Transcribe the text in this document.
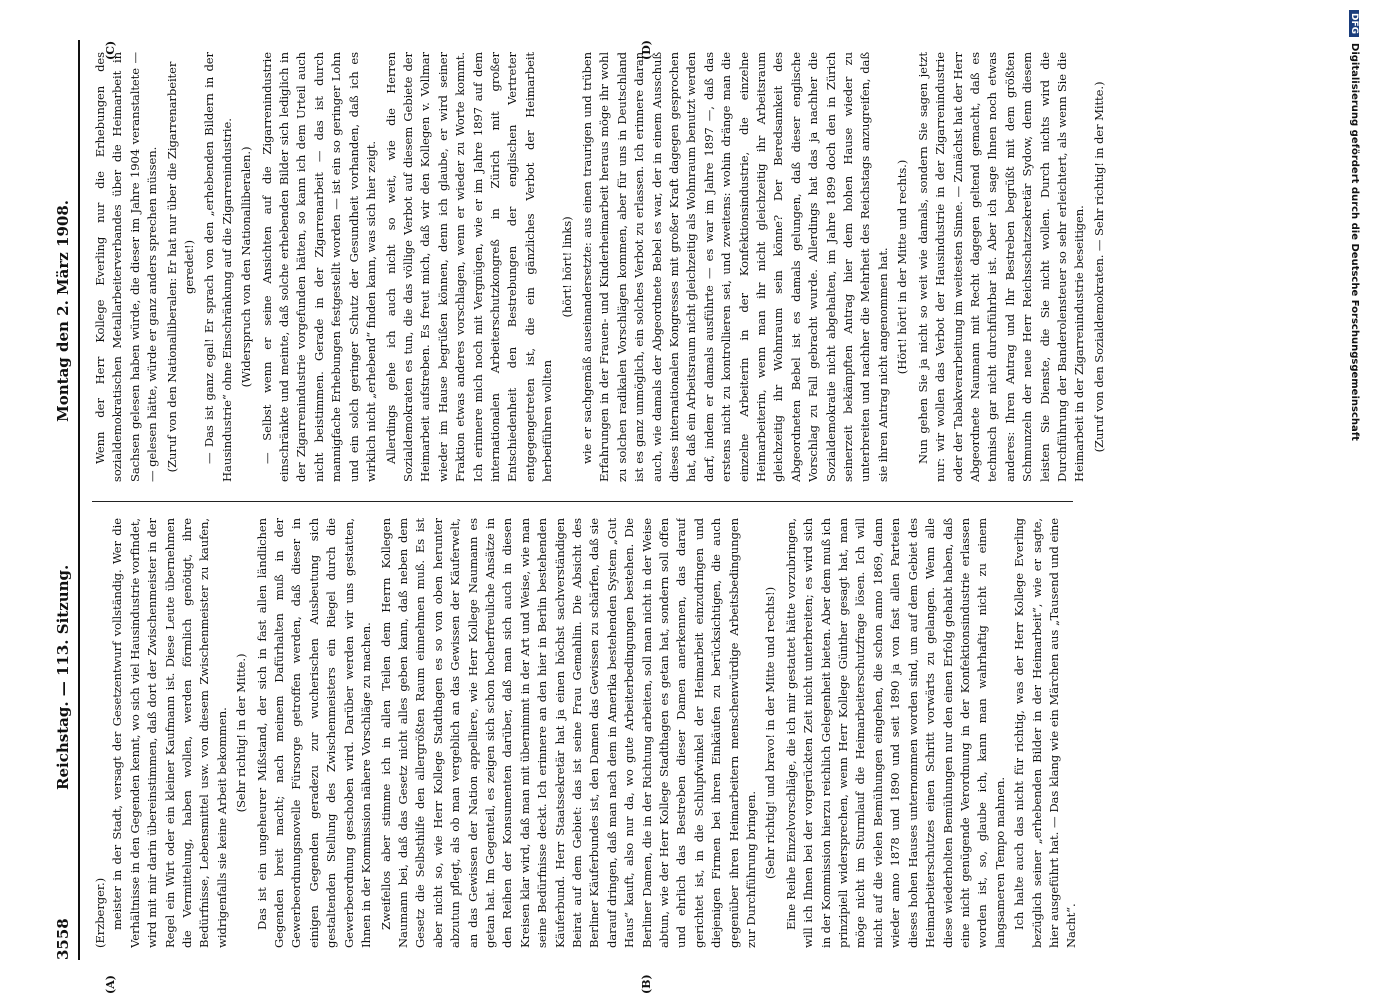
3558
Reichstag. — 113. Sitzung.
Montag den 2. März 1908.
(A)	(B)
(C)	(D)
(Erzberger.) meister in der Stadt, versagt der Gesetzentwurf vollständig. Wer die Verhältnisse in den Gegenden kennt, wo sich viel Hausindustrie vorfindet, wird mit mir darin übereinstimmen, daß dort der Zwischenmeister in der Regel ein Wirt oder ein kleiner Kaufmann ist. Diese Leute übernehmen die Vermittelung, haben wollen, werden förmlich genötigt, ihre Bedürfnisse, Lebensmittel usw. von diesem Zwischenmeister zu kaufen, widrigenfalls sie keine Arbeit bekommen. (Sehr richtig! in der Mitte.) Das ist ein ungeheurer Mißstand, der sich in fast allen ländlichen Gegenden breit macht; nach meinem Dafürhalten muß in der Gewerbeordnungsnovelle Fürsorge getroffen werden, daß dieser in einigen Gegenden geradezu zur wucherischen Ausbeutung sich gestaltenden Stellung des Zwischenmeisters ein Riegel durch die Gewerbeordnung geschoben wird. Darüber werden wir uns gestatten, Ihnen in der Kommission nähere Vorschläge zu machen. Zweifellos aber stimme ich in allen Teilen dem Herrn Kollegen Naumann bei, daß das Gesetz nicht alles geben kann, daß neben dem Gesetz die Selbsthilfe den allergrößten Raum einnehmen muß. Es ist aber nicht so, wie Herr Kollege Stadthagen es so von oben herunter abzutun pflegt, als ob man vergeblich an das Gewissen der Käuferwelt, an das Gewissen der Nation appelliere, wie Herr Kollege Naumann es getan hat. Im Gegenteil, es zeigen sich schon hocherfreuliche Ansätze in den Reihen der Konsumenten darüber, daß man sich auch in diesen Kreisen klar wird, daß man mit übernimmt in der Art und Weise, wie man seine Bedürfnisse deckt. Ich erinnere an den hier in Berlin bestehenden Käuferbund. Herr Staatssekretär hat ja einen höchst sachverständigen Beirat auf dem Gebiet: das ist seine Frau Gemahlin. Die Absicht des Berliner Käuferbundes ist, den Damen das Gewissen zu schärfen, daß sie darauf dringen, daß man nach dem in Amerika bestehenden System „Gut Haus“ kauft, also nur da, wo gute Arbeiterbedingungen bestehen. Die Berliner Damen, die in der Richtung arbeiten, soll man nicht in der Weise abtun, wie der Herr Kollege Stadthagen es getan hat, sondern soll offen und ehrlich das Bestreben dieser Damen anerkennen, das darauf gerichtet ist, in die Schlupfwinkel der Heimarbeit einzudringen und diejenigen Firmen bei ihren Einkäufen zu berücksichtigen, die auch gegenüber ihren Heimarbeitern menschenwürdige Arbeitsbedingungen zur Durchführung bringen. (Sehr richtig! und bravo! in der Mitte und rechts!) Eine Reihe Einzelvorschläge, die ich mir gestattet hätte vorzubringen, will ich Ihnen bei der vorgerückten Zeit nicht unterbreiten; es wird sich in der Kommission hierzu reichlich Gelegenheit bieten. Aber dem muß ich prinzipiell widersprechen, wenn Herr Kollege Günther gesagt hat, man möge nicht im Sturmlauf die Heimarbeiterschutzfrage lösen. Ich will nicht auf die vielen Bemühungen eingehen, die schon anno 1869, dann wieder anno 1878 und 1890 und seit 1890 ja von fast allen Parteien dieses hohen Hauses unternommen worden sind, um auf dem Gebiet des Heimarbeiterschutzes einen Schritt vorwärts zu gelangen. Wenn alle diese wiederholten Bemühungen nur den einen Erfolg gehabt haben, daß eine nicht genügende Verordnung in der Konfektionsindustrie erlassen worden ist, so, glaube ich, kann man wahrhaftig nicht zu einem langsameren Tempo mahnen. Ich halte auch das nicht für richtig, was der Herr Kollege Everling bezüglich seiner „erhebenden Bilder in der Heimarbeit“, wie er sagte, hier ausgeführt hat. — Das klang wie ein Märchen aus „Tausend und eine Nacht“.

Wenn der Herr Kollege Everling nur die Erhebungen des sozialdemokratischen Metallarbeiterverbandes über die Heimarbeit in Sachsen gelesen haben würde, die dieser im Jahre 1904 veranstaltete — — gelesen hätte, würde er ganz anders sprechen müssen. (Zuruf von den Nationalliberalen: Er hat nur über die Zigarrenarbeiter geredet!) — Das ist ganz egal! Er sprach von den „erhebenden Bildern in der Hausindustrie“ ohne Einschränkung auf die Zigarrenindustrie. (Widerspruch von den Nationalliberalen.) — Selbst wenn er seine Ansichten auf die Zigarrenindustrie einschränkte und meinte, daß solche erhebenden Bilder sich lediglich in der Zigarrenindustrie vorgefunden hätten, so kann ich dem Urteil auch nicht beistimmen. Gerade in der Zigarrenarbeit — das ist durch mannigfache Erhebungen festgestellt worden — ist ein so geringer Lohn und ein solch geringer Schutz der Gesundheit vorhanden, daß ich es wirklich nicht „erhebend“ finden kann, was sich hier zeigt. Allerdings gehe ich auch nicht so weit, wie die Herren Sozialdemokraten es tun, die das völlige Verbot auf diesem Gebiete der Heimarbeit aufstreben. Es freut mich, daß wir den Kollegen v. Vollmar wieder im Hause begrüßen können, denn ich glaube, er wird seiner Fraktion etwas anderes vorschlagen, wenn er wieder zu Worte kommt. Ich erinnere mich noch mit Vergnügen, wie er im Jahre 1897 auf dem internationalen Arbeiterschutzkongreß in Zürich mit großer Entschiedenheit den Bestrebungen der englischen Vertreter entgegengetreten ist, die ein gänzliches Verbot der Heimarbeit herbeiführen wollten

(hört! hört! links) wie er sachgemäß auseinandersetzte: aus einen traurigen und trüben Erfahrungen in der Frauen- und Kinderheimarbeit heraus möge ihr wohl zu solchen radikalen Vorschlägen kommen, aber für uns in Deutschland ist es ganz unmöglich, ein solches Verbot zu erlassen. Ich erinnere daran auch, wie damals der Abgeordnete Bebel es war, der in einem Ausschuß dieses internationalen Kongresses mit großer Kraft dagegen gesprochen hat, daß ein Arbeitsraum nicht gleichzeitig als Wohnraum benutzt werden darf, indem er damals ausführte — es war im Jahre 1897 —, daß das erstens nicht zu kontrollieren sei, und zweitens: wohin dränge man die einzelne Arbeiterin in der Konfektionsindustrie, die einzelne Heimarbeiterin, wenn man ihr nicht gleichzeitig ihr Arbeitsraum gleichzeitig ihr Wohnraum sein könne? Der Beredsamkeit des Abgeordneten Bebel ist es damals gelungen, daß dieser englische Vorschlag zu Fall gebracht wurde. Allerdings hat das ja nachher die Sozialdemokratie nicht abgehalten, im Jahre 1899 doch den in Zürich seinerzeit bekämpften Antrag hier dem hohen Hause wieder zu unterbreiten und nachher die Mehrheit des Reichstags anzugreifen, daß sie ihren Antrag nicht angenommen hat. (Hört! hört! in der Mitte und rechts.) Nun gehen Sie ja nicht so weit wie damals, sondern Sie sagen jetzt nur: wir wollen das Verbot der Hausindustrie in der Zigarrenindustrie oder der Tabakverarbeitung im weitesten Sinne. — Zunächst hat der Herr Abgeordnete Naumann mit Recht dagegen geltend gemacht, daß es technisch gar nicht durchführbar ist. Aber ich sage Ihnen noch etwas anderes: Ihren Antrag und Ihr Bestreben begrüßt mit dem größten Schmunzeln der neue Herr Reichsschatzsekretär Sydow, denn diesem leisten Sie Dienste, die Sie nicht wollen. Durch nichts wird die Durchführung der Banderolensteuer so sehr erleichtert, als wenn Sie die Heimarbeit in der Zigarrenindustrie beseitigen. (Zuruf von den Sozialdemokraten. — Sehr richtig! in der Mitte.)
DFGDigitalisierung gefördert durch die Deutsche Forschungsgemeinschaft
